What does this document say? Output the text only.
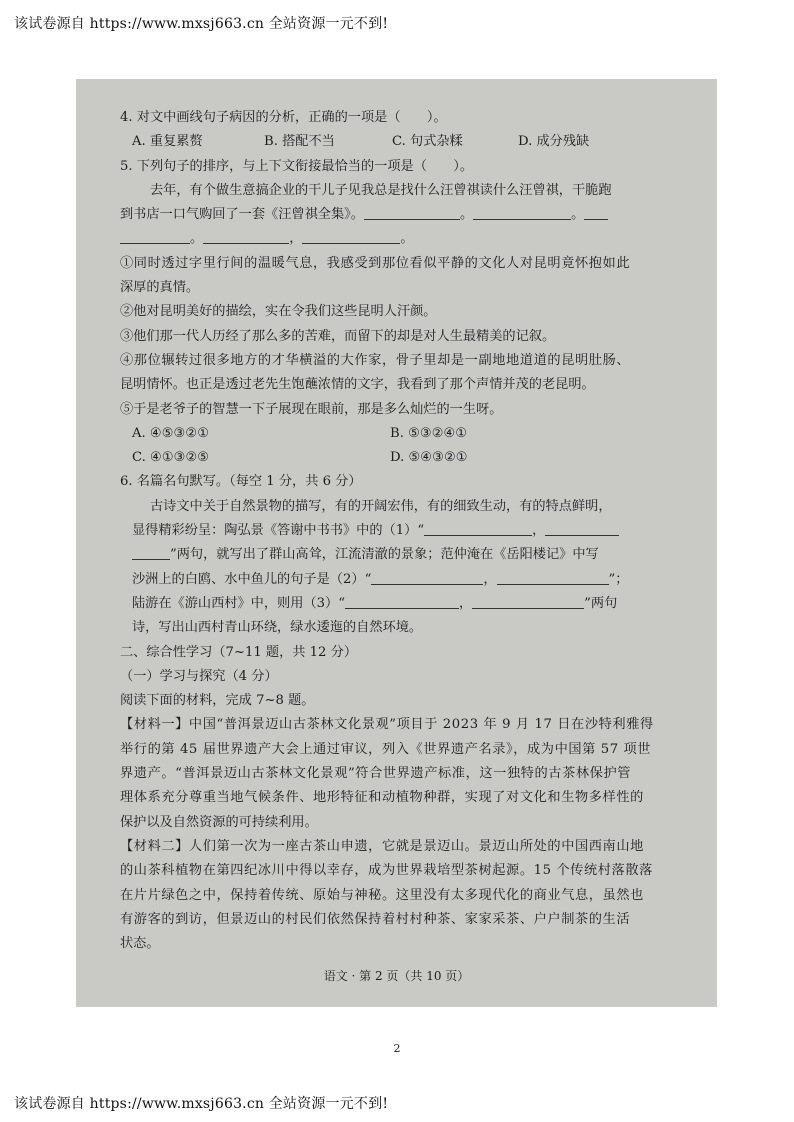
该试卷源自 https://www.mxsj663.cn 全站资源一元不到!

4. 对文中画线句子病因的分析，正确的一项是（　　）。

A. 重复累赘	B. 搭配不当	C. 句式杂糅	D. 成分残缺

5. 下列句子的排序，与上下文衔接最恰当的一项是（　　）。

去年，有个做生意搞企业的干儿子见我总是找什么汪曾祺读什么汪曾祺，干脆跑

到书店一口气购回了一套《汪曾祺全集》。	。	。

。	，	。

①同时透过字里行间的温暖气息，我感受到那位看似平静的文化人对昆明竟怀抱如此

深厚的真情。

②他对昆明美好的描绘，实在令我们这些昆明人汗颜。

③他们那一代人历经了那么多的苦难，而留下的却是对人生最精美的记叙。

④那位辗转过很多地方的才华横溢的大作家，骨子里却是一副地地道道的昆明肚肠、

昆明情怀。也正是透过老先生饱蘸浓情的文字，我看到了那个声情并茂的老昆明。

⑤于是老爷子的智慧一下子展现在眼前，那是多么灿烂的一生呀。

A. ④⑤③②①	B. ⑤③②④①

C. ④①③②⑤	D. ⑤④③②①

6. 名篇名句默写。（每空 1 分，共 6 分）

古诗文中关于自然景物的描写，有的开阔宏伟，有的细致生动，有的特点鲜明，

显得精彩纷呈：陶弘景《答谢中书书》中的（1）“	，

”两句，就写出了群山高耸，江流清澈的景象；范仲淹在《岳阳楼记》中写

沙洲上的白鸥、水中鱼儿的句子是（2）“	，	”；

陆游在《游山西村》中，则用（3）“	，	”两句

诗，写出山西村青山环绕，绿水逶迤的自然环境。

二、综合性学习（7~11 题，共 12 分）

（一）学习与探究（4 分）

阅读下面的材料，完成 7~8 题。

【材料一】中国“普洱景迈山古茶林文化景观”项目于 2023 年 9 月 17 日在沙特利雅得

举行的第 45 届世界遗产大会上通过审议，列入《世界遗产名录》，成为中国第 57 项世

界遗产。“普洱景迈山古茶林文化景观”符合世界遗产标准，这一独特的古茶林保护管

理体系充分尊重当地气候条件、地形特征和动植物种群，实现了对文化和生物多样性的

保护以及自然资源的可持续利用。

【材料二】人们第一次为一座古茶山申遗，它就是景迈山。景迈山所处的中国西南山地

的山茶科植物在第四纪冰川中得以幸存，成为世界栽培型茶树起源。15 个传统村落散落

在片片绿色之中，保持着传统、原始与神秘。这里没有太多现代化的商业气息，虽然也

有游客的到访，但景迈山的村民们依然保持着村村种茶、家家采茶、户户制茶的生活

状态。

语文 · 第 2 页（共 10 页）
2
该试卷源自 https://www.mxsj663.cn 全站资源一元不到!
